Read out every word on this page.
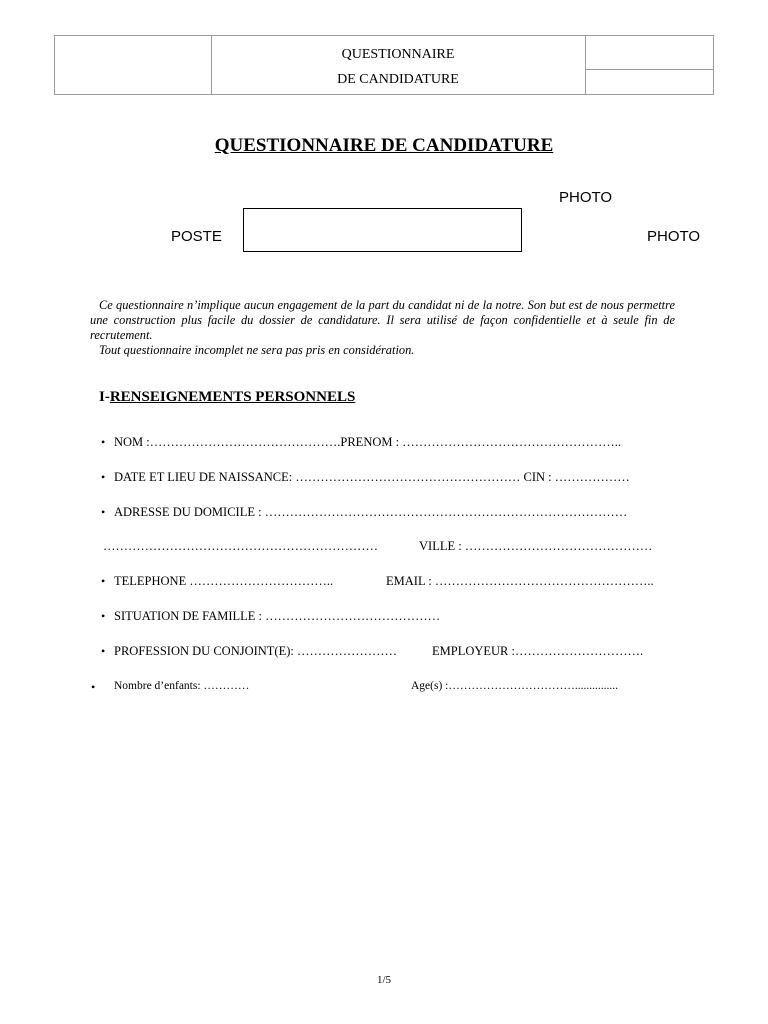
QUESTIONNAIRE
DE CANDIDATURE
QUESTIONNAIRE DE CANDIDATURE
PHOTO
POSTE	PHOTO

Ce questionnaire n’implique aucun engagement de la part du candidat ni de la notre. Son but est de nous permettre une construction plus facile du dossier de candidature. Il sera utilisé de façon confidentielle et à seule fin de recrutement.

Tout questionnaire incomplet ne sera pas pris en considération.

I-RENSEIGNEMENTS PERSONNELS
• NOM :……………………………………….PRENOM : ……………………………………………..
• DATE ET LIEU DE NAISSANCE: ……………………………………………… CIN : ………………
• ADRESSE DU DOMICILE : ……………………………………………………………………………
…………………………………………………………	VILLE : ………………………………………
• TELEPHONE ……………………………..	EMAIL : ……………………………………………..
• SITUATION DE FAMILLE : ……………………………………
• PROFESSION DU CONJOINT(E): ……………………	EMPLOYEUR :………………………….
• Nombre d’enfants: …………	Age(s) :……………………………...............
1/5
